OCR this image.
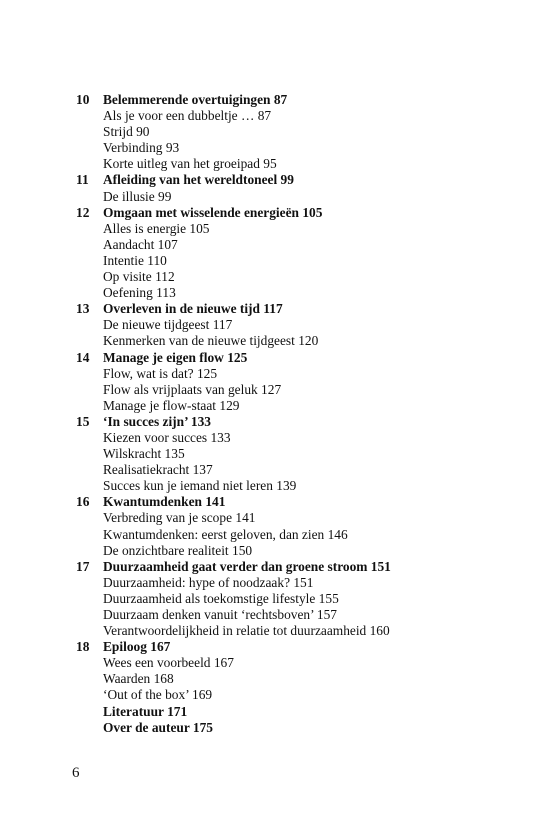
10 Belemmerende overtuigingen 87
Als je voor een dubbeltje … 87
Strijd 90
Verbinding 93
Korte uitleg van het groeipad 95
11 Afleiding van het wereldtoneel 99
De illusie 99
12 Omgaan met wisselende energieën 105
Alles is energie 105
Aandacht 107
Intentie 110
Op visite 112
Oefening 113
13 Overleven in de nieuwe tijd 117
De nieuwe tijdgeest 117
Kenmerken van de nieuwe tijdgeest 120
14 Manage je eigen flow 125
Flow, wat is dat? 125
Flow als vrijplaats van geluk 127
Manage je flow-staat 129
15 ‘In succes zijn’ 133
Kiezen voor succes 133
Wilskracht 135
Realisatiekracht 137
Succes kun je iemand niet leren 139
16 Kwantumdenken 141
Verbreding van je scope 141
Kwantumdenken: eerst geloven, dan zien 146
De onzichtbare realiteit 150
17 Duurzaamheid gaat verder dan groene stroom 151
Duurzaamheid: hype of noodzaak? 151
Duurzaamheid als toekomstige lifestyle 155
Duurzaam denken vanuit ‘rechtsboven’ 157
Verantwoordelijkheid in relatie tot duurzaamheid 160
18 Epiloog 167
Wees een voorbeeld 167
Waarden 168
‘Out of the box’ 169
Literatuur 171
Over de auteur 175
6
